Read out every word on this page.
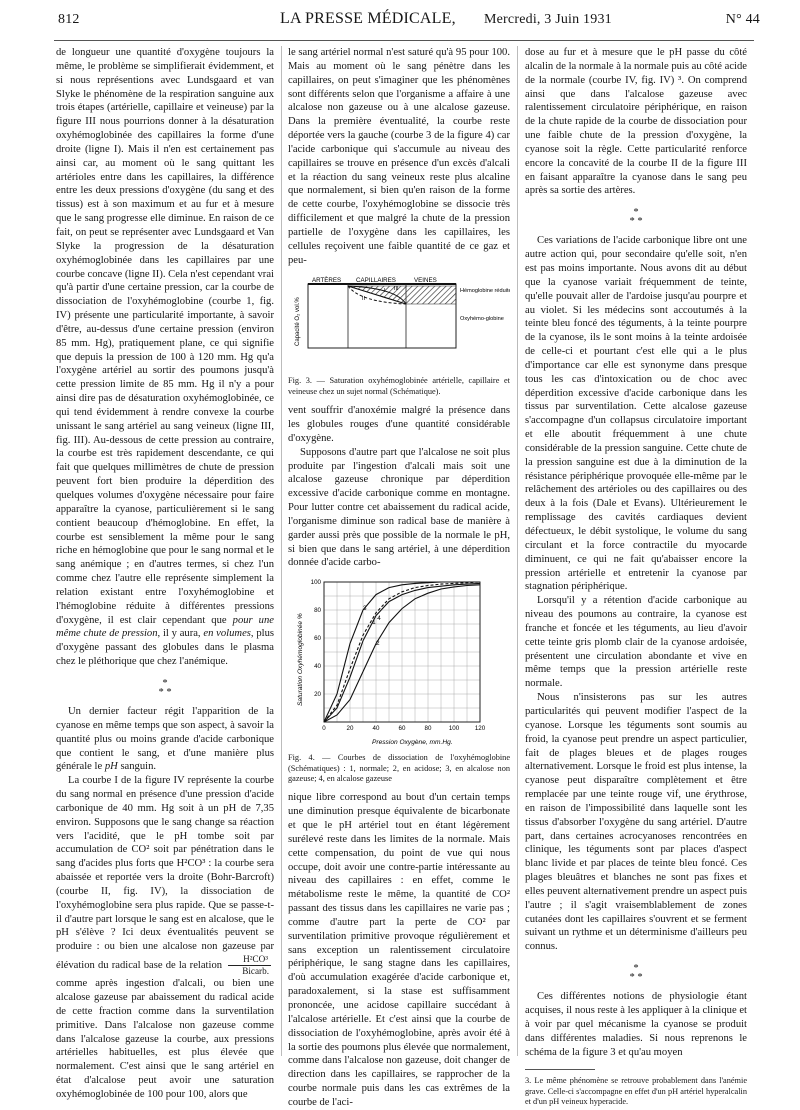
812	LA PRESSE MÉDICALE, Mercredi, 3 Juin 1931	N° 44

de longueur une quantité d'oxygène toujours la même, le problème se simplifierait évidemment, et si nous représentions avec Lundsgaard et van Slyke le phénomène de la respiration sanguine aux trois étapes (artérielle, capillaire et veineuse) par la figure III nous pourrions donner à la désaturation oxyhémoglobinée des capillaires la forme d'une droite (ligne I). Mais il n'en est certainement pas ainsi car, au moment où le sang quittant les artérioles entre dans les capillaires, la différence entre les deux pressions d'oxygène (du sang et des tissus) est à son maximum et au fur et à mesure que le sang progresse elle diminue. En raison de ce fait, on peut se représenter avec Lundsgaard et Van Slyke la progression de la désaturation oxyhémoglobinée dans les capillaires par une courbe concave (ligne II). Cela n'est cependant vrai qu'à partir d'une certaine pression, car la courbe de dissociation de l'oxyhémoglobine (courbe 1, fig. IV) présente une particularité importante, à savoir d'être, au-dessus d'une certaine pression (environ 85 mm. Hg), pratiquement plane, ce qui signifie que depuis la pression de 100 à 120 mm. Hg qu'a l'oxygène artériel au sortir des poumons jusqu'à cette pression limite de 85 mm. Hg il n'y a pour ainsi dire pas de désaturation oxyhémoglobinée, ce qui tend évidemment à rendre convexe la courbe unissant le sang artériel au sang veineux (ligne III, fig. III). Au-dessous de cette pression au contraire, la courbe est très rapidement descendante, ce qui fait que quelques millimètres de chute de pression peuvent fort bien produire la déperdition des quelques volumes d'oxygène nécessaire pour faire apparaître la cyanose, particulièrement si le sang contient beaucoup d'hémoglobine. En effet, la courbe est sensiblement la même pour le sang riche en hémoglobine que pour le sang normal et le sang anémique ; en d'autres termes, si chez l'un comme chez l'autre elle représente simplement la relation existant entre l'oxyhémoglobine et l'hémoglobine réduite à différentes pressions d'oxygène, il est clair cependant que pour une même chute de pression, il y aura, en volumes, plus d'oxygène passant des globules dans le plasma chez le pléthorique que chez l'anémique.

*
* *

Un dernier facteur régit l'apparition de la cyanose en même temps que son aspect, à savoir la quantité plus ou moins grande d'acide carbonique que contient le sang, et d'une manière plus générale le pH sanguin.

La courbe I de la figure IV représente la courbe du sang normal en présence d'une pression d'acide carbonique de 40 mm. Hg soit à un pH de 7,35 environ. Supposons que le sang change sa réaction vers l'acidité, que le pH tombe soit par accumulation de CO² soit par pénétration dans le sang d'acides plus forts que H²CO³ : la courbe sera abaissée et reportée vers la droite (Bohr-Barcroft) (courbe II, fig. IV), la dissociation de l'oxyhémoglobine sera plus rapide. Que se passe-t-il d'autre part lorsque le sang est en alcalose, que le pH s'élève ? Ici deux éventualités peuvent se produire : ou bien une alcalose non gazeuse par élévation du radical base de la relation $\frac{\text{H²CO³}}{\text{Bicarb.}}$
comme après ingestion d'alcali, ou bien une alcalose gazeuse par abaissement du radical acide de cette fraction comme dans la surventilation primitive. Dans l'alcalose non gazeuse comme dans l'alcalose gazeuse la courbe, aux pressions artérielles habituelles, est plus élevée que normalement. C'est ainsi que le sang artériel en état d'alcalose peut avoir une saturation oxyhémoglobinée de 100 pour 100, alors que

le sang artériel normal n'est saturé qu'à 95 pour 100. Mais au moment où le sang pénètre dans les capillaires, on peut s'imaginer que les phénomènes sont différents selon que l'organisme a affaire à une alcalose non gazeuse ou à une alcalose gazeuse. Dans la première éventualité, la courbe reste déportée vers la gauche (courbe 3 de la figure 4) car l'acide carbonique qui s'accumule au niveau des capillaires se trouve en présence d'un excès d'alcali et la réaction du sang veineux reste plus alcaline que normalement, si bien qu'en raison de la forme de cette courbe, l'oxyhémoglobine se dissocie très difficilement et que malgré la chute de la pression partielle de l'oxygène dans les capillaires, les cellules reçoivent une faible quantité de ce gaz et peu-

Capacité O₂ vol.%
ARTÈRES CAPILLAIRES	VEINES
I
II
III	Hémoglobine réduite
Oxyhémo-globine

Fig. 3. — Saturation oxyhémoglobinée artérielle, capillaire et veineuse chez un sujet normal (Schématique).

vent souffrir d'anoxémie malgré la présence dans les globules rouges d'une quantité considérable d'oxygène.

Supposons d'autre part que l'alcalose ne soit plus produite par l'ingestion d'alcali mais soit une alcalose gazeuse chronique par déperdition excessive d'acide carbonique comme en montagne. Pour lutter contre cet abaissement du radical acide, l'organisme diminue son radical base de manière à garder aussi près que possible de la normale le pH, si bien que dans le sang artériel, à une déperdition donnée d'acide carbo-

0	20	40	60	80	100	120
20
40
60
80
100
1
2
3
4
Saturation Oxyhémoglobinée %
Pression Oxygène, mm.Hg.

Fig. 4. — Courbes de dissociation de l'oxyhémoglobine (Schématiques) : 1, normale; 2, en acidose; 3, en alcalose non gazeuse; 4, en alcalose gazeuse

nique libre correspond au bout d'un certain temps une diminution presque équivalente de bicarbonate et que le pH artériel tout en étant légèrement surélevé reste dans les limites de la normale. Mais cette compensation, du point de vue qui nous occupe, doit avoir une contre-partie intéressante au niveau des capillaires : en effet, comme le métabolisme reste le même, la quantité de CO² passant des tissus dans les capillaires ne varie pas ; comme d'autre part la perte de CO² par surventilation primitive provoque régulièrement et sans exception un ralentissement circulatoire périphérique, le sang stagne dans les capillaires, d'où accumulation exagérée d'acide carbonique et, paradoxalement, si la stase est suffisamment prononcée, une acidose capillaire succédant à l'alcalose artérielle. Et c'est ainsi que la courbe de dissociation de l'oxyhémoglobine, après avoir été à la sortie des poumons plus élevée que normalement, comme dans l'alcalose non gazeuse, doit changer de direction dans les capillaires, se rapprocher de la courbe normale puis dans les cas extrêmes de la courbe de l'aci-

dose au fur et à mesure que le pH passe du côté alcalin de la normale à la normale puis au côté acide de la normale (courbe IV, fig. IV) ³. On comprend ainsi que dans l'alcalose gazeuse avec ralentissement circulatoire périphérique, en raison de la chute rapide de la courbe de dissociation pour une faible chute de la pression d'oxygène, la cyanose soit la règle. Cette particularité renforce encore la concavité de la courbe II de la figure III en faisant apparaître la cyanose dans le sang peu après sa sortie des artères.

*
* *

Ces variations de l'acide carbonique libre ont une autre action qui, pour secondaire qu'elle soit, n'en est pas moins importante. Nous avons dit au début que la cyanose variait fréquemment de teinte, qu'elle pouvait aller de l'ardoise jusqu'au pourpre et au violet. Si les médecins sont accoutumés à la teinte bleu foncé des téguments, à la teinte pourpre de la cyanose, ils le sont moins à la teinte ardoisée de celle-ci et pourtant c'est elle qui a le plus d'importance car elle est synonyme dans presque tous les cas d'intoxication ou de choc avec déperdition excessive d'acide carbonique dans les tissus par surventilation. Cette alcalose gazeuse s'accompagne d'un collapsus circulatoire important et elle aboutit fréquemment à une chute considérable de la pression sanguine. Cette chute de la pression sanguine est due à la diminution de la résistance périphérique provoquée elle-même par le relâchement des artérioles ou des capillaires ou des deux à la fois (Dale et Evans). Ultérieurement le remplissage des cavités cardiaques devient défectueux, le débit systolique, le volume du sang circulant et la force contractile du myocarde diminuent, ce qui ne fait qu'abaisser encore la pression artérielle et entretenir la cyanose par stagnation périphérique.

Lorsqu'il y a rétention d'acide carbonique au niveau des poumons au contraire, la cyanose est franche et foncée et les téguments, au lieu d'avoir cette teinte gris plomb clair de la cyanose ardoisée, présentent une circulation abondante et vive en même temps que la pression artérielle reste normale.

Nous n'insisterons pas sur les autres particularités qui peuvent modifier l'aspect de la cyanose. Lorsque les téguments sont soumis au froid, la cyanose peut prendre un aspect particulier, fait de plages bleues et de plages rouges alternativement. Lorsque le froid est plus intense, la cyanose peut disparaître complètement et être remplacée par une teinte rouge vif, une érythrose, en raison de l'impossibilité dans laquelle sont les tissus d'absorber l'oxygène du sang artériel. D'autre part, dans certaines acrocyanoses rencontrées en clinique, les téguments sont par places d'aspect blanc livide et par places de teinte bleu foncé. Ces plages bleuâtres et blanches ne sont pas fixes et elles peuvent alternativement prendre un aspect puis l'autre ; il s'agit vraisemblablement de zones cutanées dont les capillaires s'ouvrent et se ferment suivant un rythme et un déterminisme d'ailleurs peu connus.

*
* *

Ces différentes notions de physiologie étant acquises, il nous reste à les appliquer à la clinique et à voir par quel mécanisme la cyanose se produit dans différentes maladies. Si nous reprenons le schéma de la figure 3 et qu'au moyen

3. Le même phénomène se retrouve probablement dans l'anémie grave. Celle-ci s'accompagne en effet d'un pH artériel hyperalcalin et d'un pH veineux hyperacide.
